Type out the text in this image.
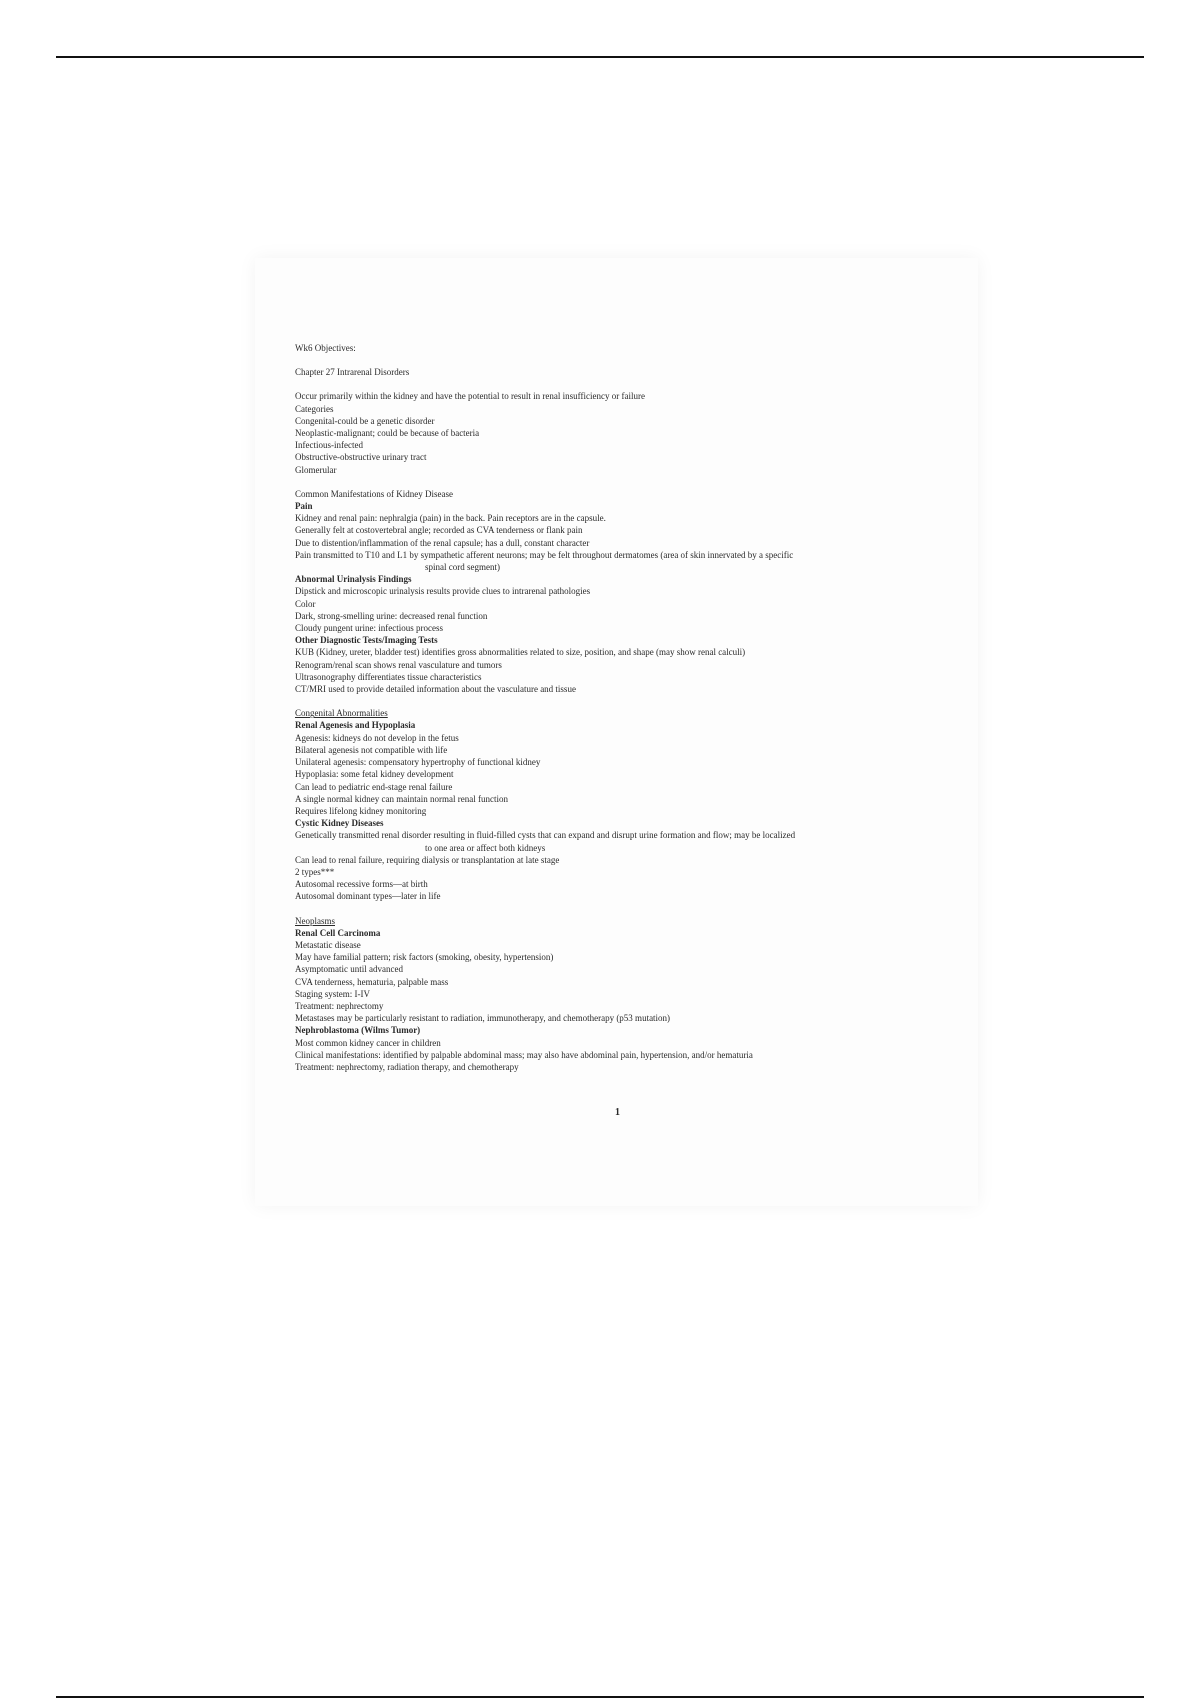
Wk6 Objectives:
Chapter 27 Intrarenal Disorders
Occur primarily within the kidney and have the potential to result in renal insufficiency or failure
Categories
Congenital-could be a genetic disorder
Neoplastic-malignant; could be because of bacteria
Infectious-infected
Obstructive-obstructive urinary tract
Glomerular
Common Manifestations of Kidney Disease
Pain
Kidney and renal pain: nephralgia (pain) in the back. Pain receptors are in the capsule.
Generally felt at costovertebral angle; recorded as CVA tenderness or flank pain
Due to distention/inflammation of the renal capsule; has a dull, constant character
Pain transmitted to T10 and L1 by sympathetic afferent neurons; may be felt throughout dermatomes (area of skin innervated by a specific
spinal cord segment)
Abnormal Urinalysis Findings
Dipstick and microscopic urinalysis results provide clues to intrarenal pathologies
Color
Dark, strong-smelling urine: decreased renal function
Cloudy pungent urine: infectious process
Other Diagnostic Tests/Imaging Tests
KUB (Kidney, ureter, bladder test) identifies gross abnormalities related to size, position, and shape (may show renal calculi)
Renogram/renal scan shows renal vasculature and tumors
Ultrasonography differentiates tissue characteristics
CT/MRI used to provide detailed information about the vasculature and tissue
Congenital Abnormalities
Renal Agenesis and Hypoplasia
Agenesis: kidneys do not develop in the fetus
Bilateral agenesis not compatible with life
Unilateral agenesis: compensatory hypertrophy of functional kidney
Hypoplasia: some fetal kidney development
Can lead to pediatric end-stage renal failure
A single normal kidney can maintain normal renal function
Requires lifelong kidney monitoring
Cystic Kidney Diseases
Genetically transmitted renal disorder resulting in fluid-filled cysts that can expand and disrupt urine formation and flow; may be localized
to one area or affect both kidneys
Can lead to renal failure, requiring dialysis or transplantation at late stage
2 types***
Autosomal recessive forms—at birth
Autosomal dominant types—later in life
Neoplasms
Renal Cell Carcinoma
Metastatic disease
May have familial pattern; risk factors (smoking, obesity, hypertension)
Asymptomatic until advanced
CVA tenderness, hematuria, palpable mass
Staging system: I-IV
Treatment: nephrectomy
Metastases may be particularly resistant to radiation, immunotherapy, and chemotherapy (p53 mutation)
Nephroblastoma (Wilms Tumor)
Most common kidney cancer in children
Clinical manifestations: identified by palpable abdominal mass; may also have abdominal pain, hypertension, and/or hematuria
Treatment: nephrectomy, radiation therapy, and chemotherapy
1
